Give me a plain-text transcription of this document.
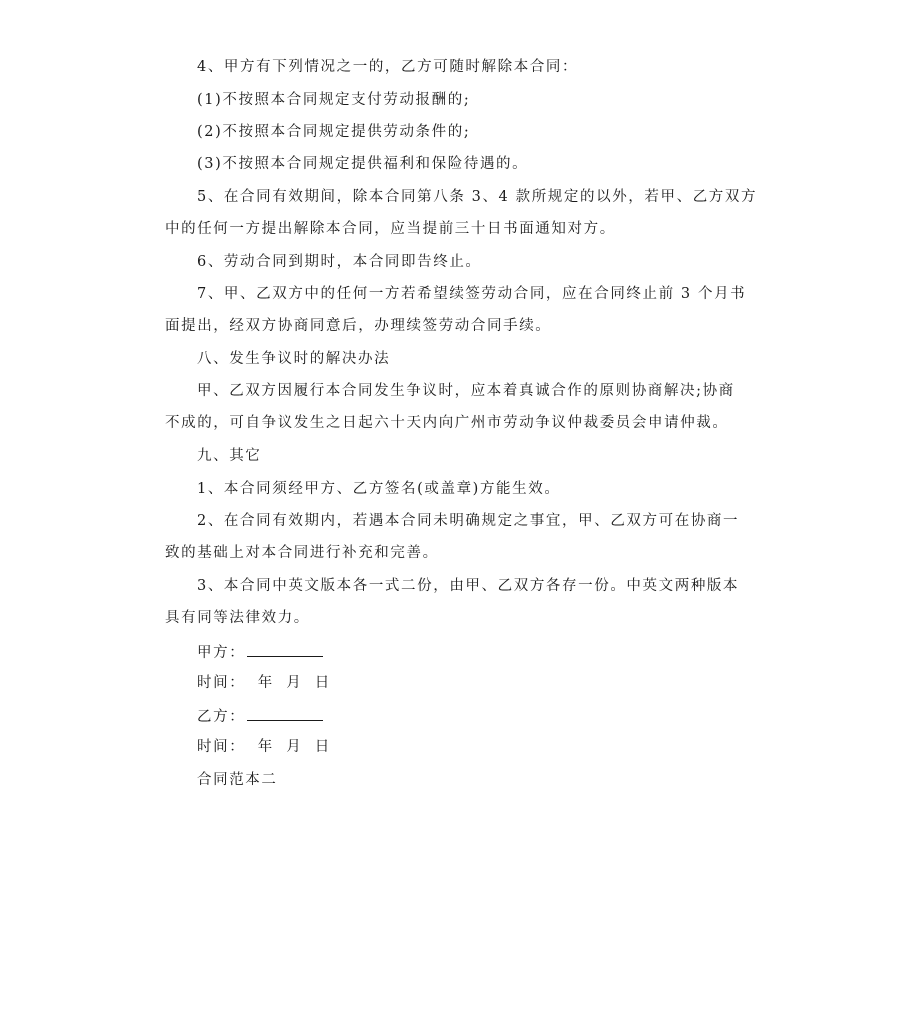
4、甲方有下列情况之一的，乙方可随时解除本合同：
(1)不按照本合同规定支付劳动报酬的;
(2)不按照本合同规定提供劳动条件的;
(3)不按照本合同规定提供福利和保险待遇的。
5、在合同有效期间，除本合同第八条 3、4 款所规定的以外，若甲、乙方双方
中的任何一方提出解除本合同，应当提前三十日书面通知对方。
6、劳动合同到期时，本合同即告终止。
7、甲、乙双方中的任何一方若希望续签劳动合同，应在合同终止前 3 个月书
面提出，经双方协商同意后，办理续签劳动合同手续。
八、发生争议时的解决办法
甲、乙双方因履行本合同发生争议时，应本着真诚合作的原则协商解决;协商
不成的，可自争议发生之日起六十天内向广州市劳动争议仲裁委员会申请仲裁。
九、其它
1、本合同须经甲方、乙方签名(或盖章)方能生效。
2、在合同有效期内，若遇本合同未明确规定之事宜，甲、乙双方可在协商一
致的基础上对本合同进行补充和完善。
3、本合同中英文版本各一式二份，由甲、乙双方各存一份。中英文两种版本
具有同等法律效力。
甲方：
时间：  年  月  日
乙方：
时间：  年  月  日
合同范本二
